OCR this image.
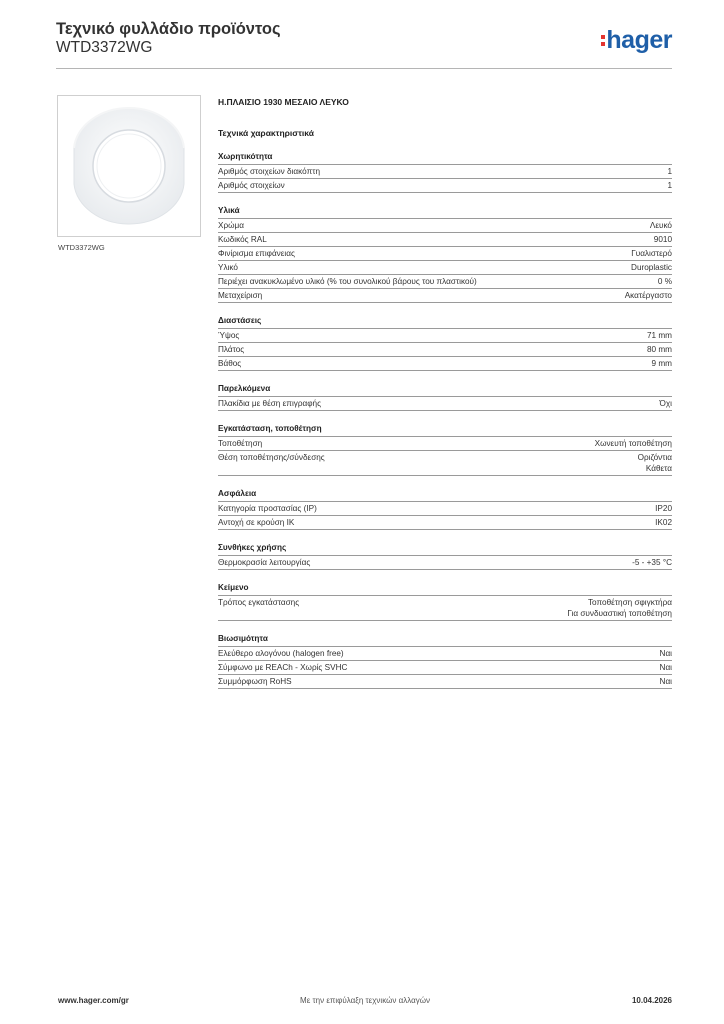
Τεχνικό φυλλάδιο προϊόντος
WTD3372WG	hager
WTD3372WG
Η.ΠΛΑΙΣΙΟ 1930 ΜΕΣΑΙΟ ΛΕΥΚΟ
Τεχνικά χαρακτηριστικά
Χωρητικότητα
Αριθμός στοιχείων διακόπτη	1
Αριθμός στοιχείων	1
Υλικά
Χρώμα	Λευκό
Κωδικός RAL	9010
Φινίρισμα επιφάνειας	Γυαλιστερό
Υλικό	Duroplastic
Περιέχει ανακυκλωμένο υλικό (% του συνολικού βάρους του πλαστικού)	0 %
Μεταχείριση	Ακατέργαστο
Διαστάσεις
Ύψος	71 mm
Πλάτος	80 mm
Βάθος	9 mm
Παρελκόμενα
Πλακίδια με θέση επιγραφής	Όχι
Εγκατάσταση, τοποθέτηση
Τοποθέτηση	Χωνευτή τοποθέτηση
Θέση τοποθέτησης/σύνδεσης	Οριζόντια
Κάθετα
Ασφάλεια
Κατηγορία προστασίας (IP)	IP20
Αντοχή σε κρούση IK	IK02
Συνθήκες χρήσης
Θερμοκρασία λειτουργίας	-5 - +35 °C
Κείμενο
Τρόπος εγκατάστασης	Τοποθέτηση σφιγκτήρα
Για συνδυαστική τοποθέτηση
Βιωσιμότητα
Ελεύθερο αλογόνου (halogen free)	Ναι
Σύμφωνο με REACh - Χωρίς SVHC	Ναι
Συμμόρφωση RoHS	Ναι
www.hager.com/gr	Με την επιφύλαξη τεχνικών αλλαγών	10.04.2026
